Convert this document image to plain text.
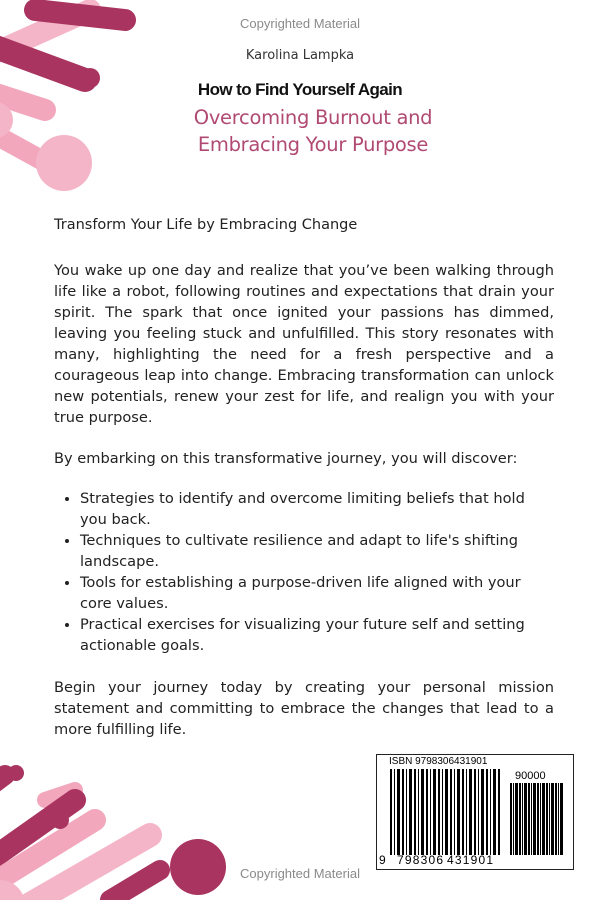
Copyrighted Material
Karolina Lampka
How to Find Yourself Again
Overcoming Burnout and Embracing Your Purpose
Transform Your Life by Embracing Change

You wake up one day and realize that you’ve been walking through life like a robot, following routines and expectations that drain your spirit. The spark that once ignited your passions has dimmed, leaving you feeling stuck and unfulfilled. This story resonates with many, highlighting the need for a fresh perspective and a courageous leap into change. Embracing transformation can unlock new potentials, renew your zest for life, and realign you with your true purpose.

By embarking on this transformative journey, you will discover:

• Strategies to identify and overcome limiting beliefs that hold you back.
• Techniques to cultivate resilience and adapt to life's shifting landscape.
• Tools for establishing a purpose-driven life aligned with your core values.
• Practical exercises for visualizing your future self and setting actionable goals.

Begin your journey today by creating your personal mission statement and committing to embrace the changes that lead to a more fulfilling life.

ISBN 9798306431901
90000
9 798306 431901
Copyrighted Material
